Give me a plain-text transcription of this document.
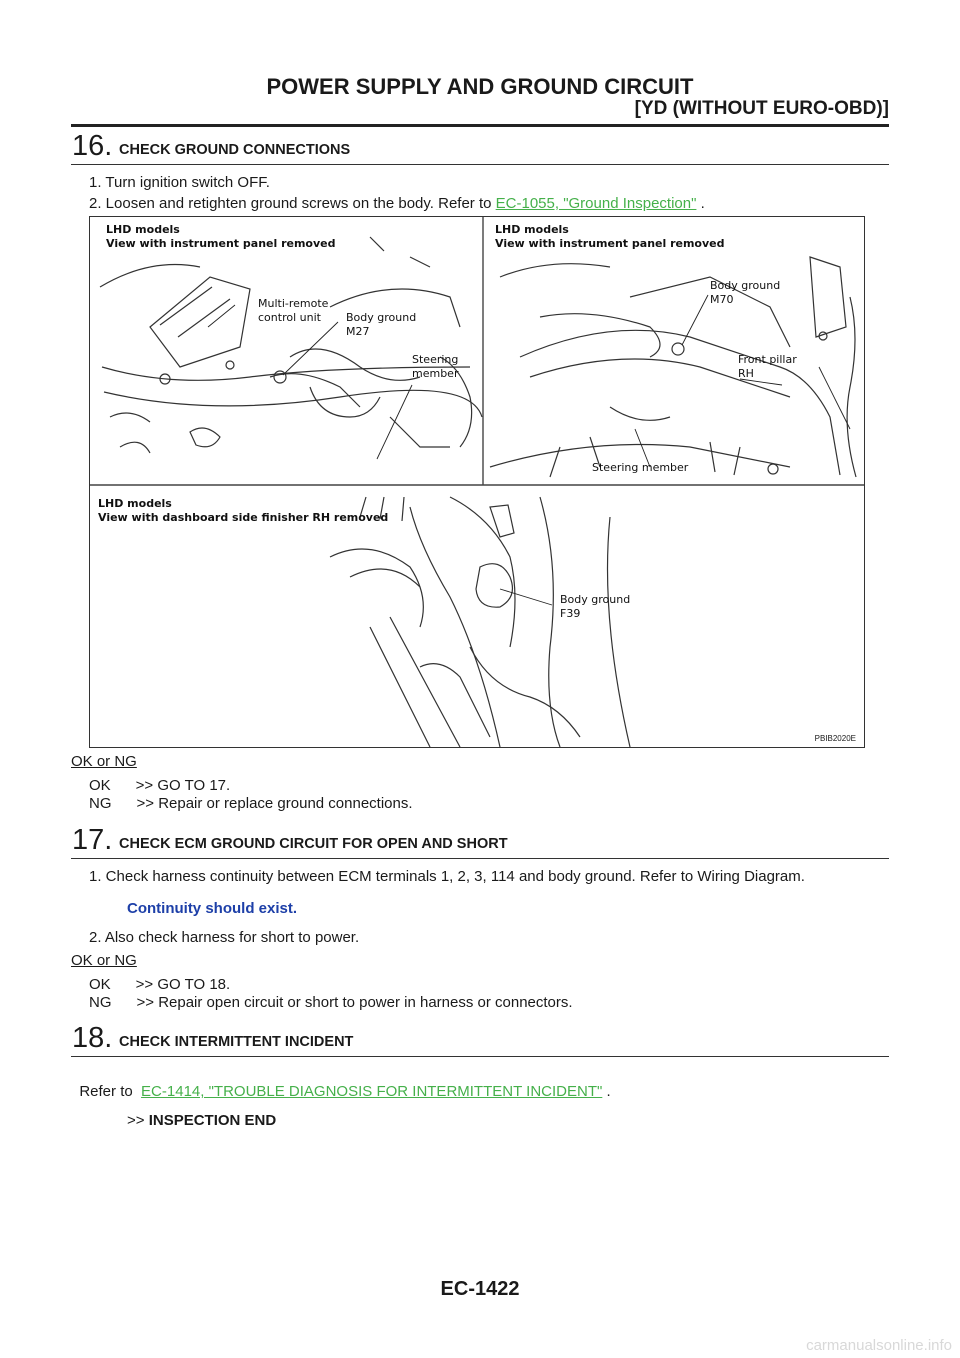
POWER SUPPLY AND GROUND CIRCUIT
[YD (WITHOUT EURO-OBD)]
16. CHECK GROUND CONNECTIONS
1. Turn ignition switch OFF.
2. Loosen and retighten ground screws on the body. Refer to EC-1055, "Ground Inspection" .
LHD models
View with instrument panel removed
Multi-remote
control unit Body ground
M27
Steering
member
LHD models
View with instrument panel removed
Body ground
M70
Front pillar
RH
Steering member
LHD models
View with dashboard side finisher RH removed
Body ground
F39
PBIB2020E
OK or NG
OK      >> GO TO 17.
NG      >> Repair or replace ground connections.
17. CHECK ECM GROUND CIRCUIT FOR OPEN AND SHORT
1. Check harness continuity between ECM terminals 1, 2, 3, 114 and body ground. Refer to Wiring Diagram.
Continuity should exist.
2. Also check harness for short to power.
OK or NG
OK      >> GO TO 18.
NG      >> Repair open circuit or short to power in harness or connectors.
18. CHECK INTERMITTENT INCIDENT

Refer to  EC-1414, "TROUBLE DIAGNOSIS FOR INTERMITTENT INCIDENT" .

>> INSPECTION END
EC-1422
carmanualsonline.info
